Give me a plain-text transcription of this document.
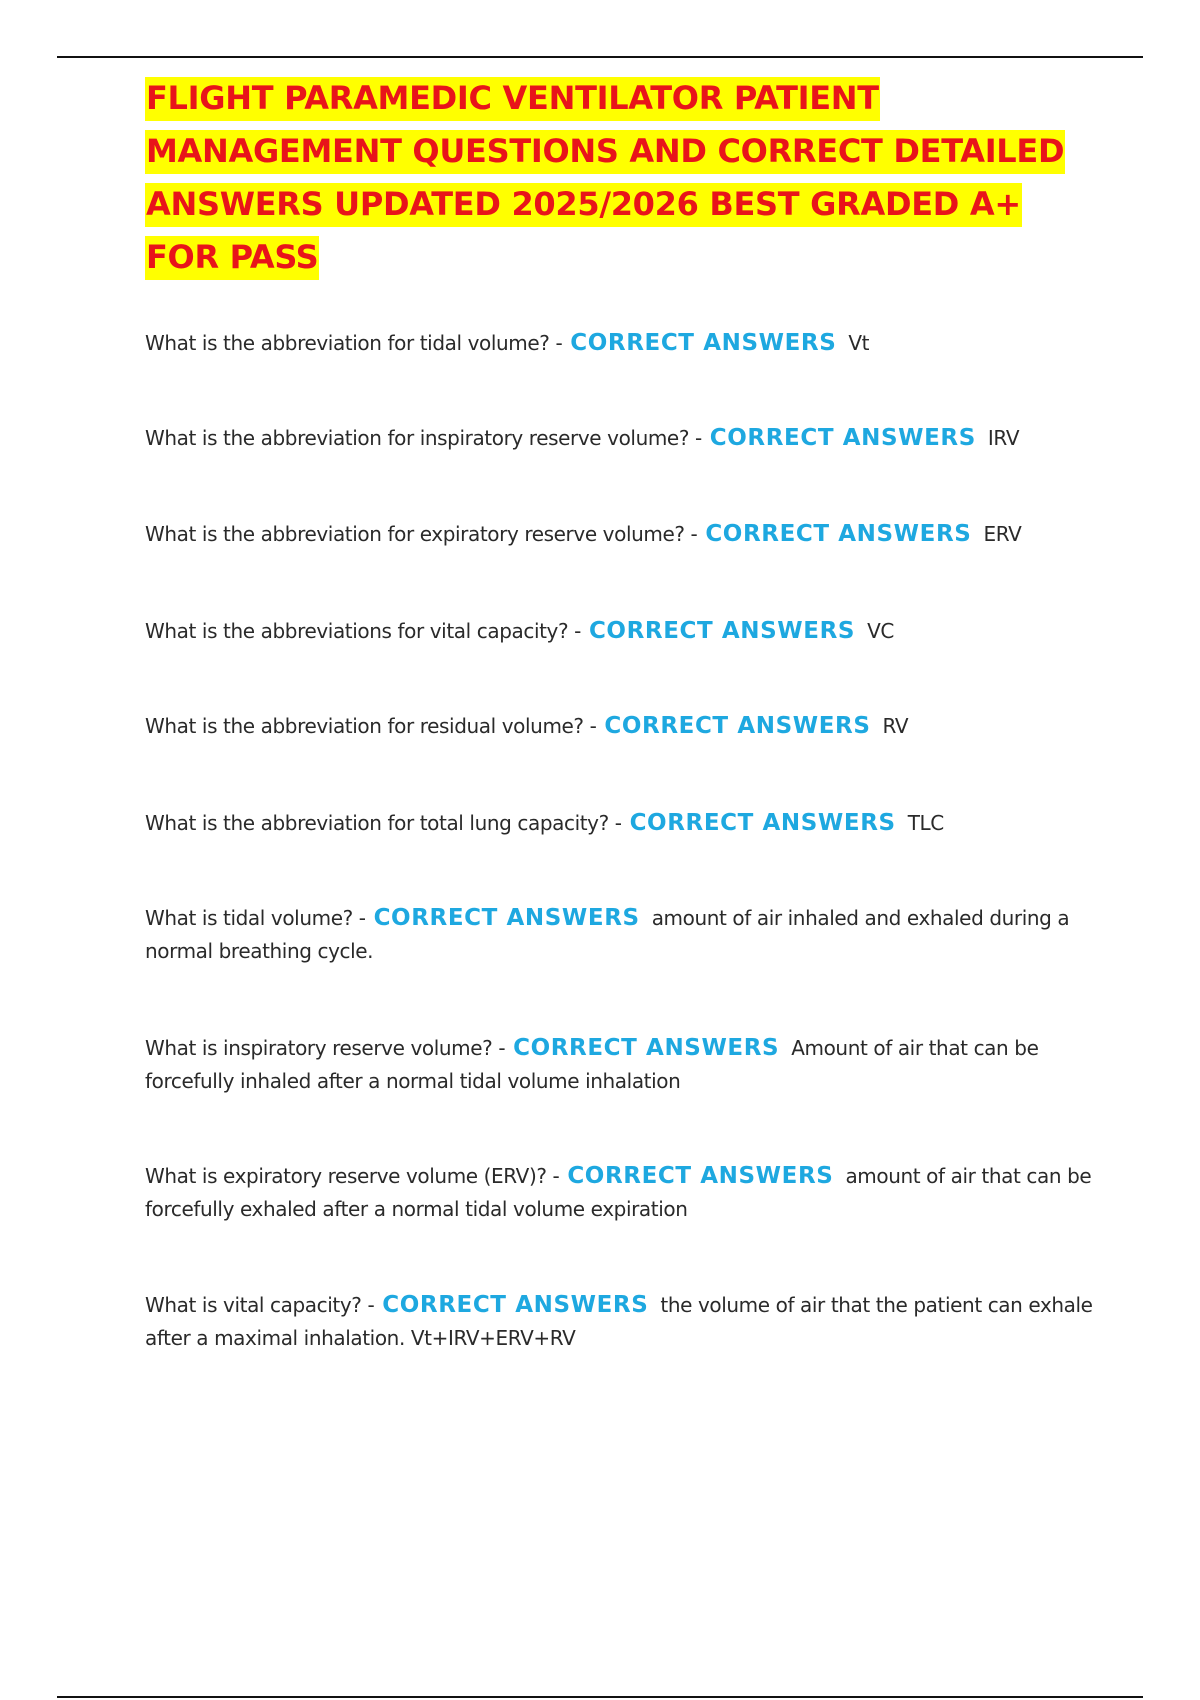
FLIGHT PARAMEDIC VENTILATOR PATIENT MANAGEMENT QUESTIONS AND CORRECT DETAILED ANSWERS UPDATED 2025/2026 BEST GRADED A+ FOR PASS

What is the abbreviation for tidal volume? - CORRECT ANSWERS Vt

What is the abbreviation for inspiratory reserve volume? - CORRECT ANSWERS IRV

What is the abbreviation for expiratory reserve volume? - CORRECT ANSWERS ERV

What is the abbreviations for vital capacity? - CORRECT ANSWERS VC

What is the abbreviation for residual volume? - CORRECT ANSWERS RV

What is the abbreviation for total lung capacity? - CORRECT ANSWERS TLC

What is tidal volume? - CORRECT ANSWERS amount of air inhaled and exhaled during a normal breathing cycle.

What is inspiratory reserve volume? - CORRECT ANSWERS Amount of air that can be forcefully inhaled after a normal tidal volume inhalation

What is expiratory reserve volume (ERV)? - CORRECT ANSWERS amount of air that can be forcefully exhaled after a normal tidal volume expiration

What is vital capacity? - CORRECT ANSWERS the volume of air that the patient can exhale after a maximal inhalation. Vt+IRV+ERV+RV
